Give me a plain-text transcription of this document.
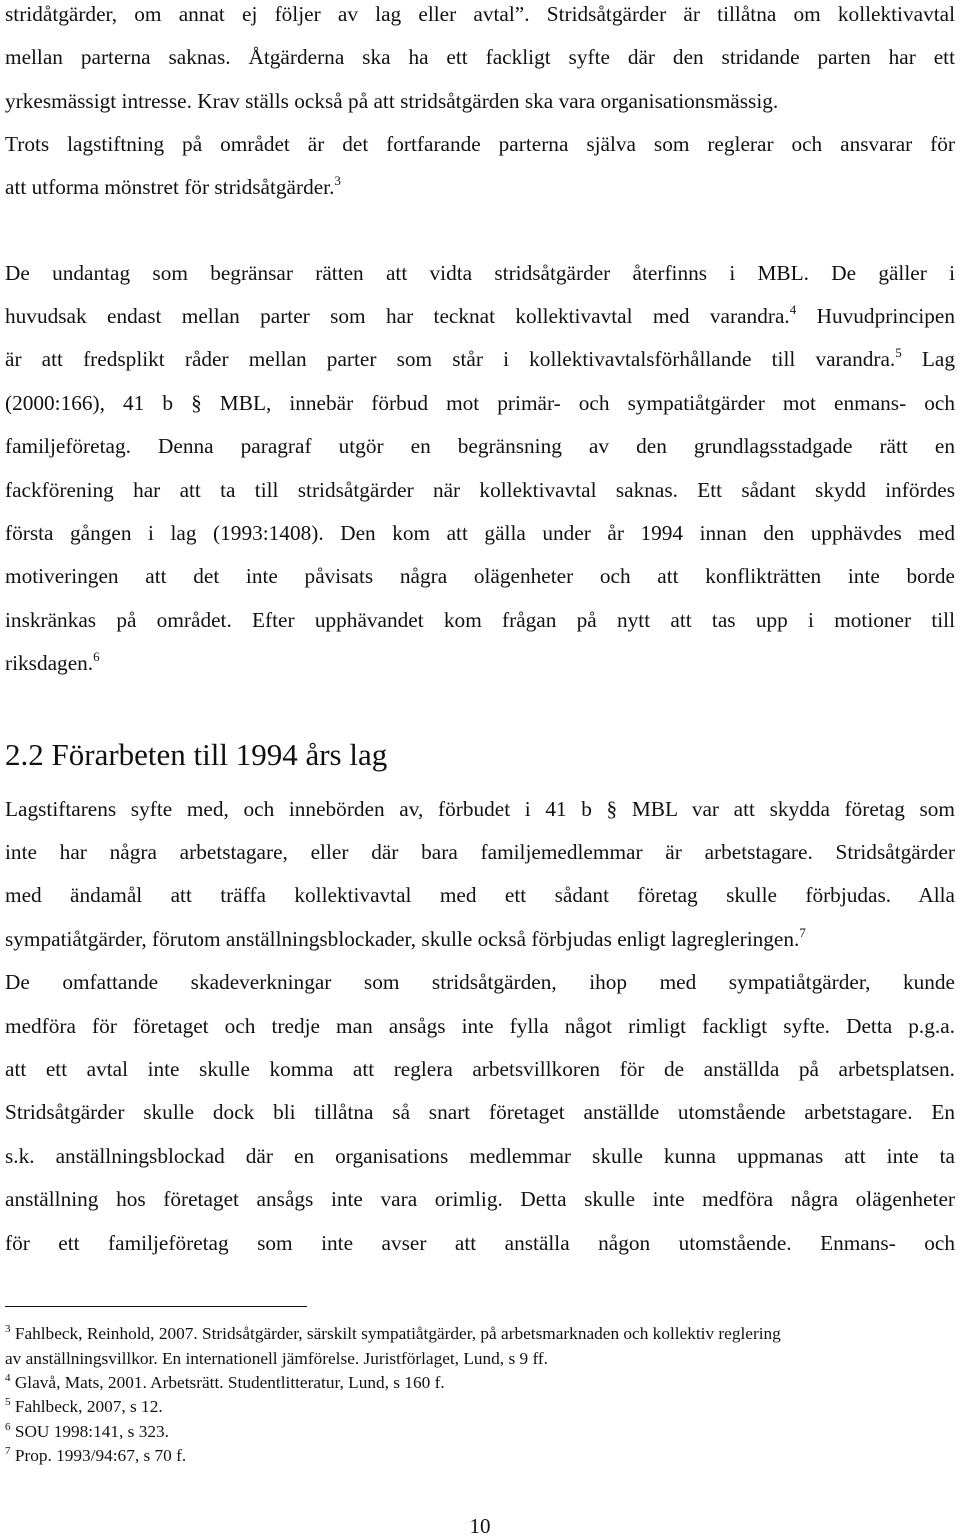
stridåtgärder, om annat ej följer av lag eller avtal”. Stridsåtgärder är tillåtna om kollektivavtal
mellan parterna saknas. Åtgärderna ska ha ett fackligt syfte där den stridande parten har ett
yrkesmässigt intresse. Krav ställs också på att stridsåtgärden ska vara organisationsmässig.
Trots lagstiftning på området är det fortfarande parterna själva som reglerar och ansvarar för
att utforma mönstret för stridsåtgärder.$^3$
De undantag som begränsar rätten att vidta stridsåtgärder återfinns i MBL. De gäller i
huvudsak endast mellan parter som har tecknat kollektivavtal med varandra.$^4$ Huvudprincipen
är att fredsplikt råder mellan parter som står i kollektivavtalsförhållande till varandra.$^5$ Lag
(2000:166), 41 b § MBL, innebär förbud mot primär- och sympatiåtgärder mot enmans- och
familjeföretag. Denna paragraf utgör en begränsning av den grundlagsstadgade rätt en
fackförening har att ta till stridsåtgärder när kollektivavtal saknas. Ett sådant skydd infördes
första gången i lag (1993:1408). Den kom att gälla under år 1994 innan den upphävdes med
motiveringen att det inte påvisats några olägenheter och att konflikträtten inte borde
inskränkas på området. Efter upphävandet kom frågan på nytt att tas upp i motioner till
riksdagen.$^6$
2.2 Förarbeten till 1994 års lag
Lagstiftarens syfte med, och innebörden av, förbudet i 41 b § MBL var att skydda företag som
inte har några arbetstagare, eller där bara familjemedlemmar är arbetstagare. Stridsåtgärder
med ändamål att träffa kollektivavtal med ett sådant företag skulle förbjudas. Alla
sympatiåtgärder, förutom anställningsblockader, skulle också förbjudas enligt lagregleringen.$^7$
De omfattande skadeverkningar som stridsåtgärden, ihop med sympatiåtgärder, kunde
medföra för företaget och tredje man ansågs inte fylla något rimligt fackligt syfte. Detta p.g.a.
att ett avtal inte skulle komma att reglera arbetsvillkoren för de anställda på arbetsplatsen.
Stridsåtgärder skulle dock bli tillåtna så snart företaget anställde utomstående arbetstagare. En
s.k. anställningsblockad där en organisations medlemmar skulle kunna uppmanas att inte ta
anställning hos företaget ansågs inte vara orimlig. Detta skulle inte medföra några olägenheter
för ett familjeföretag som inte avser att anställa någon utomstående. Enmans- och
$^3$ Fahlbeck, Reinhold, 2007. Stridsåtgärder, särskilt sympatiåtgärder, på arbetsmarknaden och kollektiv reglering
av anställningsvillkor. En internationell jämförelse. Juristförlaget, Lund, s 9 ff.
$^4$ Glavå, Mats, 2001. Arbetsrätt. Studentlitteratur, Lund, s 160 f.
$^5$ Fahlbeck, 2007, s 12.
$^6$ SOU 1998:141, s 323.
$^7$ Prop. 1993/94:67, s 70 f.
10
